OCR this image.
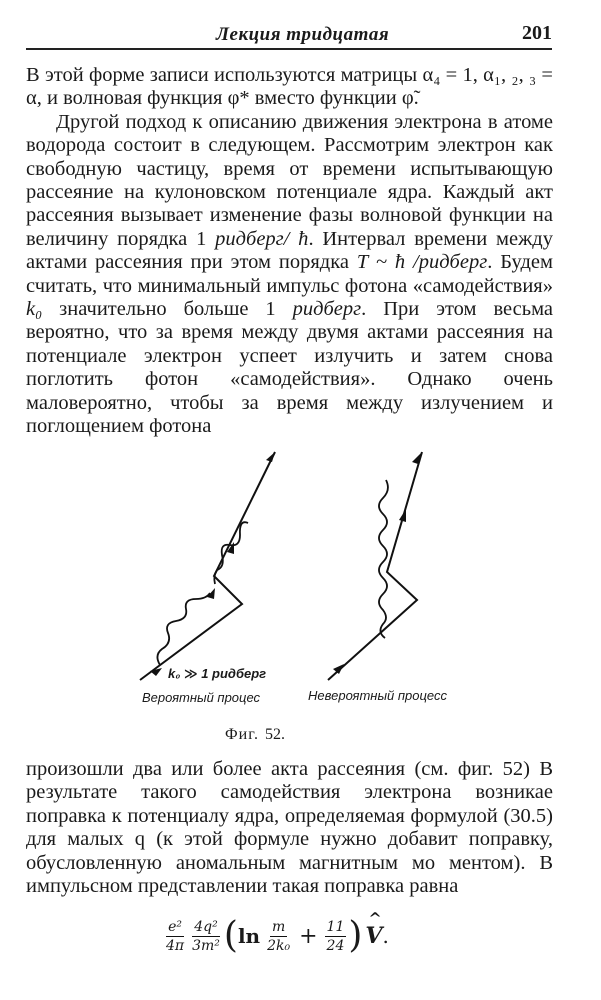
Лекция тридцатая	201

В этой форме записи используются матрицы α₄ = 1, α₁, ₂, ₃ = α, и волновая функция φ* вместо функции φ̃.

Другой подход к описанию движения электрона в атоме водорода состоит в следующем. Рассмотрим электрон как свободную частицу, время от времени испытывающую рассеяние на кулоновском потенциале ядра. Каждый акт рассеяния вызывает изменение фазы волновой функции на величину порядка 1 ридберг/ ħ. Интервал времени между актами рассеяния при этом порядка T ~ ħ /ридберг. Будем считать, что минимальный импульс фотона «самодействия» k₀ значительно больше 1 ридберг. При этом весьма вероятно, что за время между двумя актами рассеяния на потенциале электрон успеет излучить и затем снова поглотить фотон «самодействия». Однако очень маловероятно, чтобы за время между излучением и поглощением фотона

k₀ ≫ 1 ридберг
Вероятный процес	Невероятный процесс
Фиг. 52.

произошли два или более акта рассеяния (см. фиг. 52) В результате такого самодействия электрона возникае поправка к потенциалу ядра, определяемая формулой (30.5) для малых q (к этой формуле нужно добавит поправку, обусловленную аномальным магнитным мо ментом). В импульсном представлении такая поправка равна

$\frac{\text{e²}}{4\pi} \frac{\text{4q²}}{\text{3m²}}$ ( $\ln \frac{m}{\text{2k₀}} + \frac{11}{24}$ )
^ V .
